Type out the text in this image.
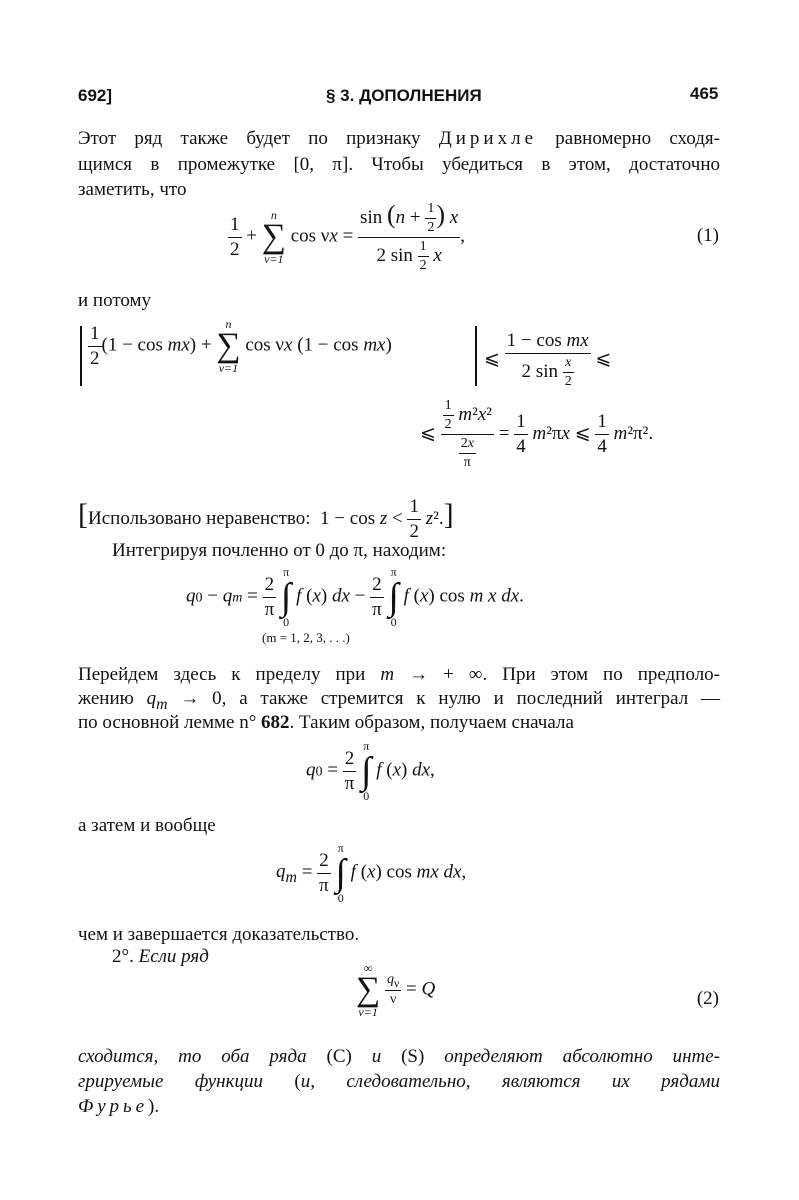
692]	§ 3. ДОПОЛНЕНИЯ	465
Этот ряд также будет по признаку Дирихле равномерно сходя-
щимся в промежутке [0, π]. Чтобы убедиться в этом, достаточно
заметить, что
$\frac{1}{2}$ +
n
∑
ν=1
$\cos \nu x = \frac{\sin (n + \frac{1}{2} ) x}{2 \sin \frac{1}{2} x}$ ,	(1)
и потому
$\frac{1}{2} (1 - \cos mx)$ +
n
∑
ν=1
cos νx (1 − cos mx)
⩽ $\frac{\text{1 − cos mx}}{2 \sin \frac{x}{2}}$ ⩽
⩽ $\frac{\frac{1}{2} m^2x^2}{\frac{2x}{\pi}} = \frac{1}{4} m^2\pi x$ ⩽ $\frac{1}{4} m^2\pi^2$.
[Использовано неравенство:  $1 - \cos z < \frac{1}{2} z^2$.]
Интегрируя почленно от 0 до π, находим:
q0 − qm = $\frac{2}{\pi}$

π
∫
0
f (x) dx − $\frac{2}{\pi}$

π
∫
0
f (x) cos m x dx.
(m = 1, 2, 3, . . .)
Перейдем здесь к пределу при m → + ∞. При этом по предполо-
жению $q_m \to 0$, а также стремится к нулю и последний интеграл —
по основной лемме n° 682. Таким образом, получаем сначала
$q0 = \frac{2}{\pi}$

π
∫
0
f (x) dx,
а затем и вообще
$q_m = \frac{2}{\pi}$

π
∫
0
f (x) cos mx dx,
чем и завершается доказательство.
2°. Если ряд
∞
∑
ν=1

$\frac{q_\nu}{\nu} = Q$	(2)
сходится, то оба ряда (C) и (S) определяют абсолютно инте-
грируемые функции (и, следовательно, являются их рядами
Фурье).
